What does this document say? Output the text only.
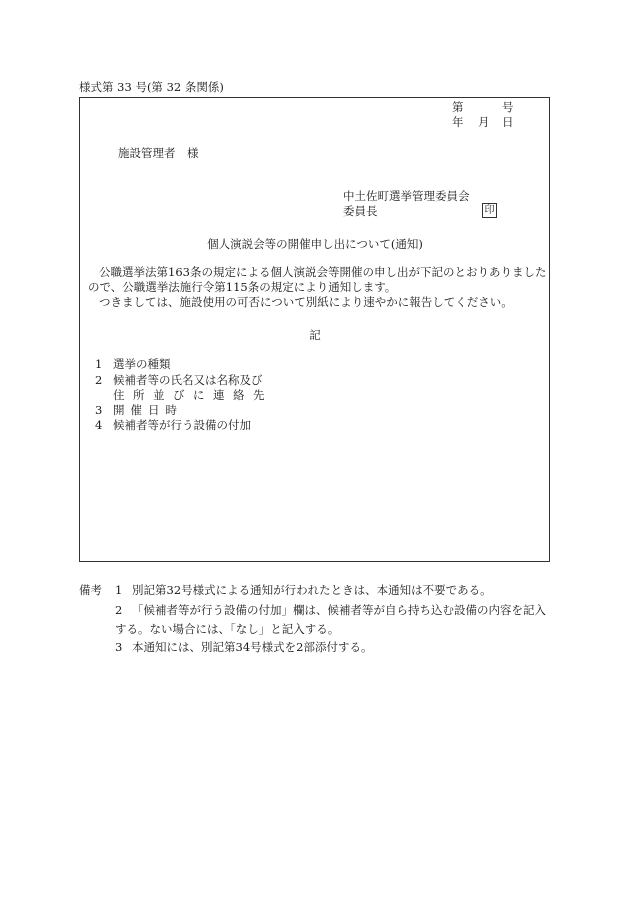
様式第 33 号(第 32 条関係)
第	号
年 月 日
施設管理者　様
中土佐町選挙管理委員会
委員長	印
個人演説会等の開催申し出について(通知)
公職選挙法第163条の規定による個人演説会等開催の申し出が下記のとおりありましたので、公職選挙法施行令第115条の規定により通知します。
つきましては、施設使用の可否について別紙により速やかに報告してください。
記
1 選挙の種類
2 候補者等の氏名又は名称及び
住所並びに連絡先
3 開催日時
4 候補者等が行う設備の付加
備考 1 別記第32号様式による通知が行われたときは、本通知は不要である。
2 「候補者等が行う設備の付加」欄は、候補者等が自ら持ち込む設備の内容を記入
する。ない場合には、「なし」と記入する。
3 本通知には、別記第34号様式を2部添付する。
